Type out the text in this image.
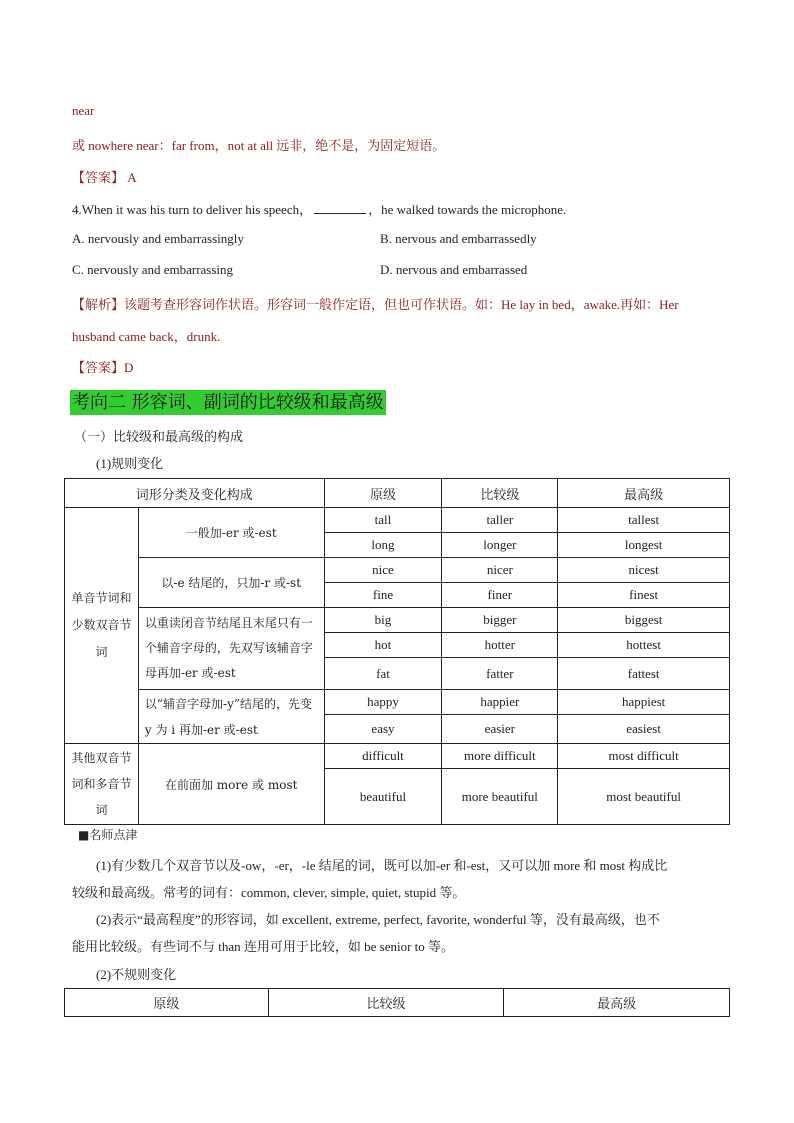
near
或 nowhere near：far from，not at all 远非，绝不是，为固定短语。
【答案】 A
4.When it was his turn to deliver his speech，	，he walked towards the microphone.
A. nervously and embarrassingly	B. nervous and embarrassedly
C. nervously and embarrassing	D. nervous and embarrassed
【解析】该题考查形容词作状语。形容词一般作定语，但也可作状语。如：He lay in bed，awake.再如：Her
husband came back，drunk.
【答案】D
考向二 形容词、副词的比较级和最高级
（一）比较级和最高级的构成
(1)规则变化
词形分类及变化构成		原级	比较级	最高级
单音节词和少数双音节词	一般加-er 或-est	tall	taller	tallest
		long	longer	longest
	以-e 结尾的，只加-r 或-st	nice	nicer	nicest
		fine	finer	finest
	以重读闭音节结尾且末尾只有一个辅音字母的，先双写该辅音字母再加-er 或-est	big	bigger	biggest
		hot	hotter	hottest
		fat	fatter	fattest
	以“辅音字母加-y”结尾的，先变 y 为 i 再加-er 或-est	happy	happier	happiest
		easy	easier	easiest
其他双音节词和多音节词	在前面加 more 或 most	difficult	more difficult	most difficult
		beautiful	more beautiful	most beautiful
■名师点津
(1)有少数几个双音节以及-ow，-er，-le 结尾的词，既可以加-er 和-est，又可以加 more 和 most 构成比
较级和最高级。常考的词有：common, clever, simple, quiet, stupid 等。
(2)表示“最高程度”的形容词，如 excellent, extreme, perfect, favorite, wonderful 等，没有最高级，也不
能用比较级。有些词不与 than 连用可用于比较，如 be senior to 等。
(2)不规则变化
原级	比较级	最高级
